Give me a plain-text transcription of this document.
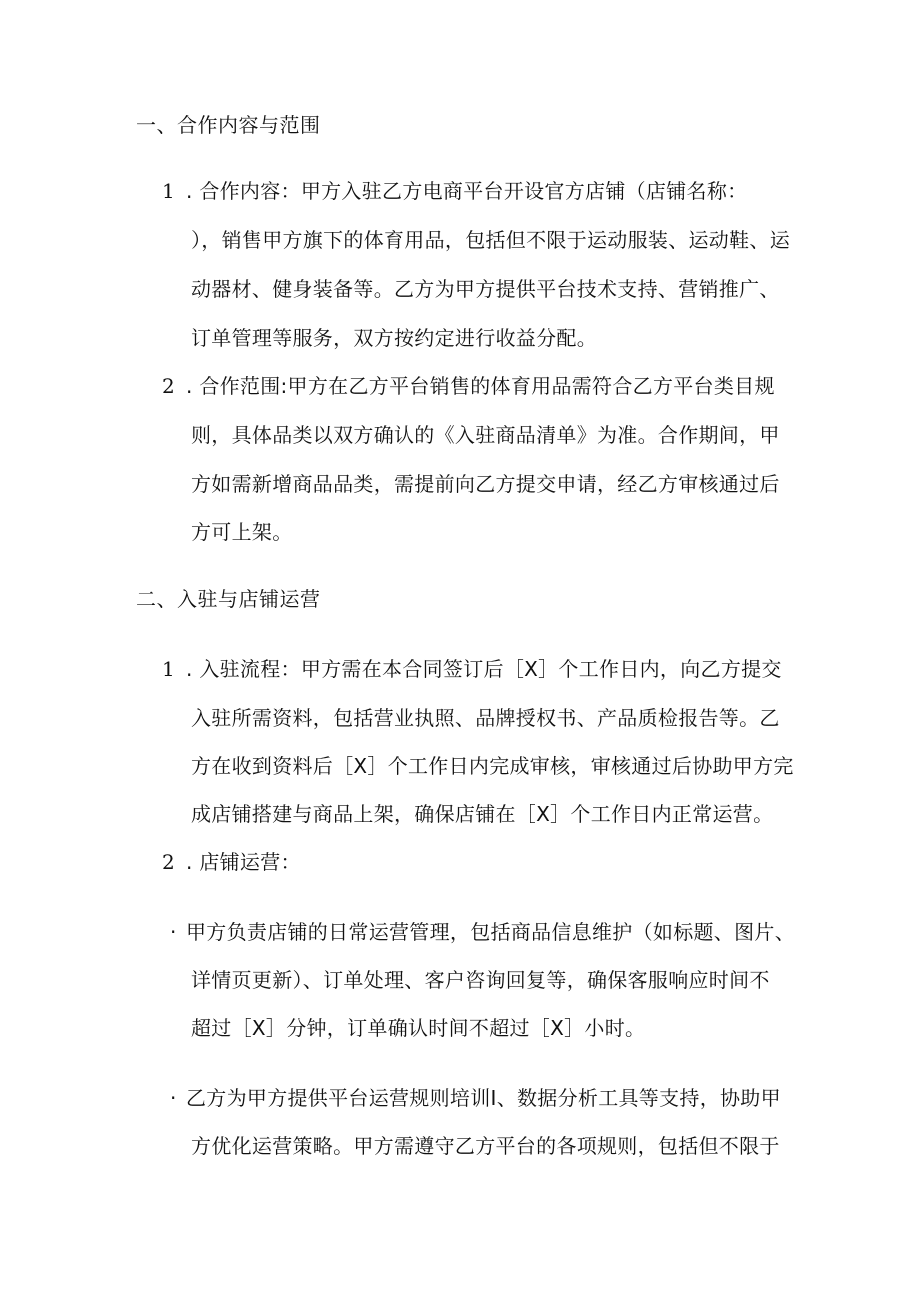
一、合作内容与范围
1 . 合作内容：甲方入驻乙方电商平台开设官方店铺（店铺名称：
），销售甲方旗下的体育用品，包括但不限于运动服装、运动鞋、运
动器材、健身装备等。乙方为甲方提供平台技术支持、营销推广、
订单管理等服务，双方按约定进行收益分配。
2 . 合作范围:甲方在乙方平台销售的体育用品需符合乙方平台类目规
则，具体品类以双方确认的《入驻商品清单》为准。合作期间，甲
方如需新增商品品类，需提前向乙方提交申请，经乙方审核通过后
方可上架。
二、入驻与店铺运营
1 . 入驻流程：甲方需在本合同签订后［X］个工作日内，向乙方提交
入驻所需资料，包括营业执照、品牌授权书、产品质检报告等。乙
方在收到资料后［X］个工作日内完成审核，审核通过后协助甲方完
成店铺搭建与商品上架，确保店铺在［X］个工作日内正常运营。
2 . 店铺运营：
· 甲方负责店铺的日常运营管理，包括商品信息维护（如标题、图片、
详情页更新）、订单处理、客户咨询回复等，确保客服响应时间不
超过［X］分钟，订单确认时间不超过［X］小时。
· 乙方为甲方提供平台运营规则培训I、数据分析工具等支持，协助甲
方优化运营策略。甲方需遵守乙方平台的各项规则，包括但不限于
